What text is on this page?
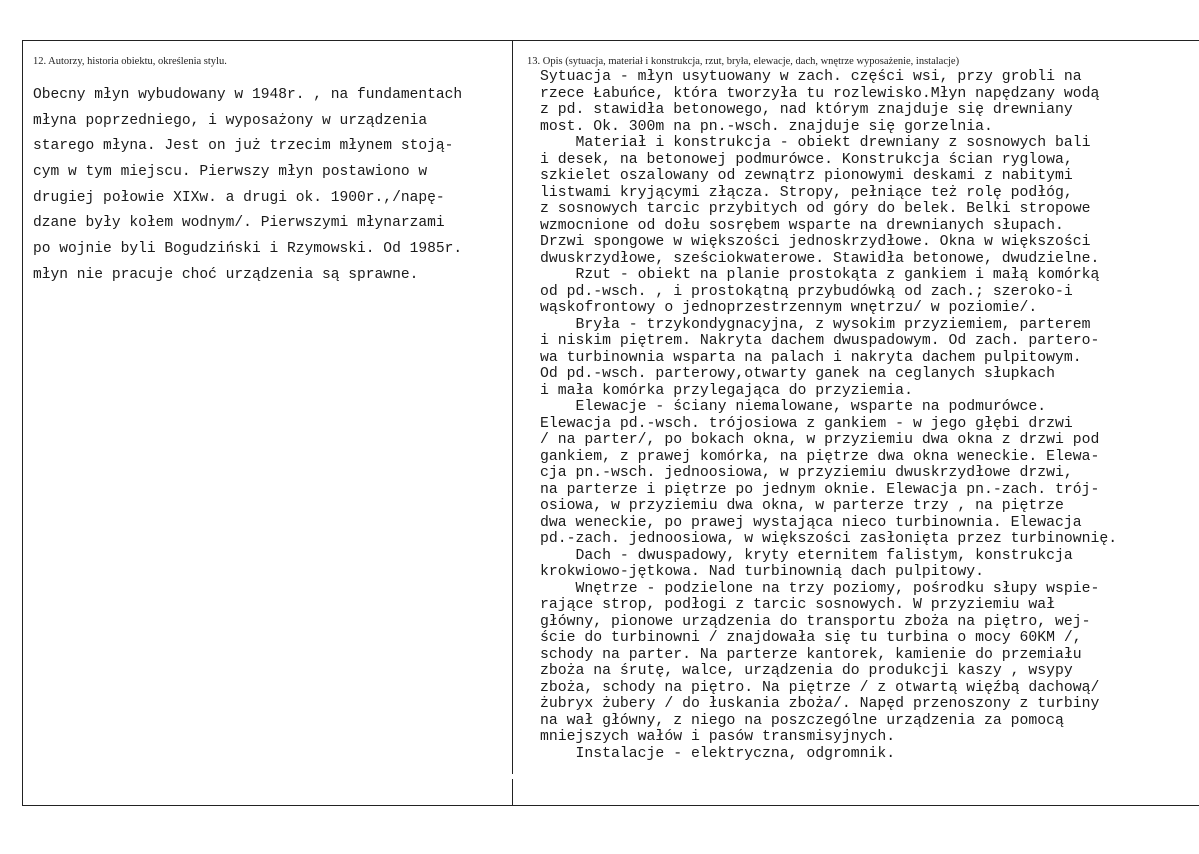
12. Autorzy, historia obiektu, określenia stylu.	13. Opis (sytuacja, materiał i konstrukcja, rzut, bryła, elewacje, dach, wnętrze wyposażenie, instalacje)
Obecny młyn wybudowany w 1948r. , na fundamentach
młyna poprzedniego, i wyposażony w urządzenia
starego młyna. Jest on już trzecim młynem stoją-
cym w tym miejscu. Pierwszy młyn postawiono w
drugiej połowie XIXw. a drugi ok. 1900r.,/napę-
dzane były kołem wodnym/. Pierwszymi młynarzami
po wojnie byli Bogudziński i Rzymowski. Od 1985r.
młyn nie pracuje choć urządzenia są sprawne.
Sytuacja - młyn usytuowany w zach. części wsi, przy grobli na
rzece Łabuńce, która tworzyła tu rozlewisko.Młyn napędzany wodą
z pd. stawidła betonowego, nad którym znajduje się drewniany
most. Ok. 300m na pn.-wsch. znajduje się gorzelnia.
Materiał i konstrukcja - obiekt drewniany z sosnowych bali
i desek, na betonowej podmurówce. Konstrukcja ścian ryglowa,
szkielet oszalowany od zewnątrz pionowymi deskami z nabitymi
listwami kryjącymi złącza. Stropy, pełniące też rolę podłóg,
z sosnowych tarcic przybitych od góry do belek. Belki stropowe
wzmocnione od dołu sosrębem wsparte na drewnianych słupach.
Drzwi spongowe w większości jednoskrzydłowe. Okna w większości
dwuskrzydłowe, sześciokwaterowe. Stawidła betonowe, dwudzielne.
Rzut - obiekt na planie prostokąta z gankiem i małą komórką
od pd.-wsch. , i prostokątną przybudówką od zach.; szeroko-i
wąskofrontowy o jednoprzestrzennym wnętrzu/ w poziomie/.
Bryła - trzykondygnacyjna, z wysokim przyziemiem, parterem
i niskim piętrem. Nakryta dachem dwuspadowym. Od zach. partero-
wa turbinownia wsparta na palach i nakryta dachem pulpitowym.
Od pd.-wsch. parterowy,otwarty ganek na ceglanych słupkach
i mała komórka przylegająca do przyziemia.
Elewacje - ściany niemalowane, wsparte na podmurówce.
Elewacja pd.-wsch. trójosiowa z gankiem - w jego głębi drzwi
/ na parter/, po bokach okna, w przyziemiu dwa okna z drzwi pod
gankiem, z prawej komórka, na piętrze dwa okna weneckie. Elewa-
cja pn.-wsch. jednoosiowa, w przyziemiu dwuskrzydłowe drzwi,
na parterze i piętrze po jednym oknie. Elewacja pn.-zach. trój-
osiowa, w przyziemiu dwa okna, w parterze trzy , na piętrze
dwa weneckie, po prawej wystająca nieco turbinownia. Elewacja
pd.-zach. jednoosiowa, w większości zasłonięta przez turbinownię.
Dach - dwuspadowy, kryty eternitem falistym, konstrukcja
krokwiowo-jętkowa. Nad turbinownią dach pulpitowy.
Wnętrze - podzielone na trzy poziomy, pośrodku słupy wspie-
rające strop, podłogi z tarcic sosnowych. W przyziemiu wał
główny, pionowe urządzenia do transportu zboża na piętro, wej-
ście do turbinowni / znajdowała się tu turbina o mocy 60KM /,
schody na parter. Na parterze kantorek, kamienie do przemiału
zboża na śrutę, walce, urządzenia do produkcji kaszy , wsypy
zboża, schody na piętro. Na piętrze / z otwartą więźbą dachową/
żubryx żubery / do łuskania zboża/. Napęd przenoszony z turbiny
na wał główny, z niego na poszczególne urządzenia za pomocą
mniejszych wałów i pasów transmisyjnych.
Instalacje - elektryczna, odgromnik.
